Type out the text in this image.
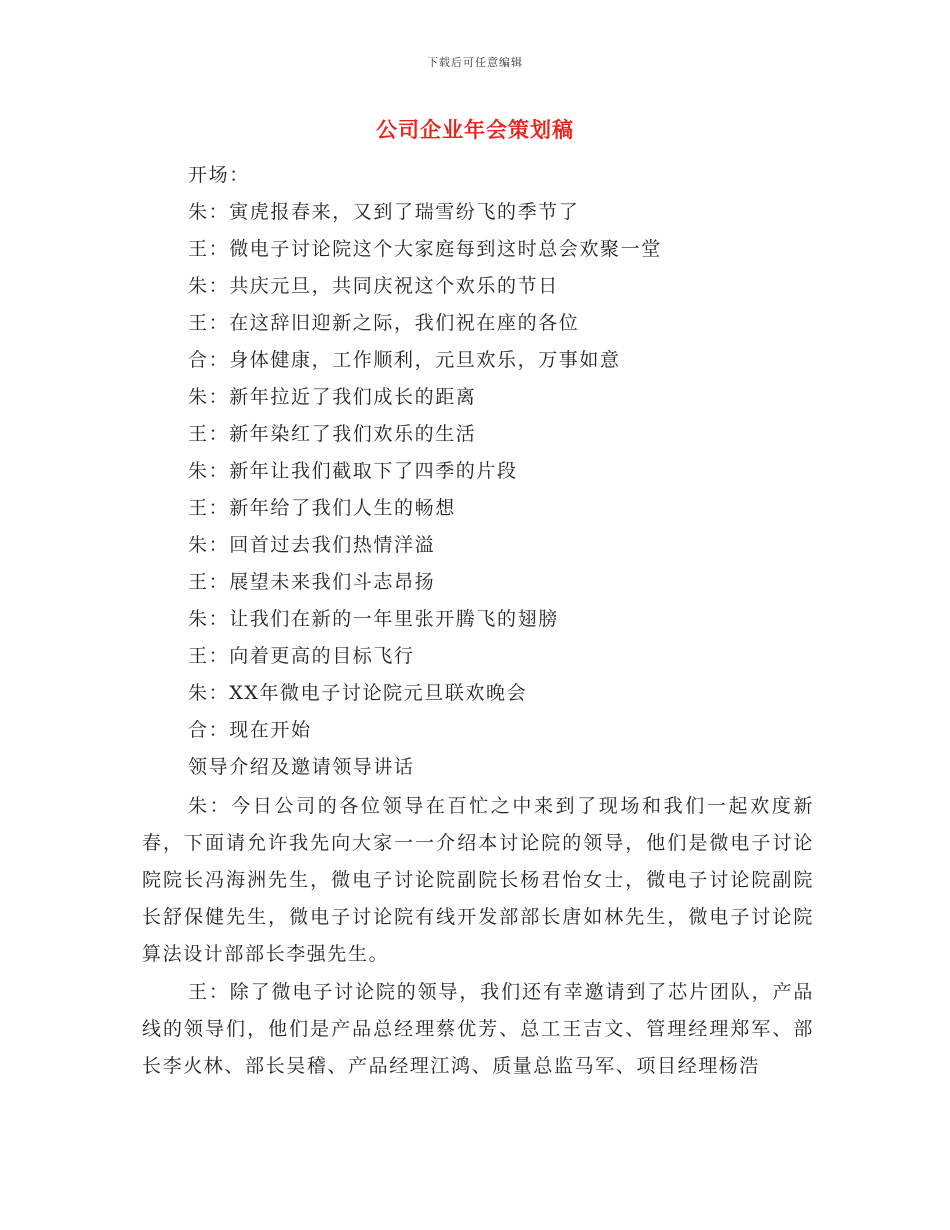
下载后可任意编辑
公司企业年会策划稿
开场：
朱：寅虎报春来，又到了瑞雪纷飞的季节了
王：微电子讨论院这个大家庭每到这时总会欢聚一堂
朱：共庆元旦，共同庆祝这个欢乐的节日
王：在这辞旧迎新之际，我们祝在座的各位
合：身体健康，工作顺利，元旦欢乐，万事如意
朱：新年拉近了我们成长的距离
王：新年染红了我们欢乐的生活
朱：新年让我们截取下了四季的片段
王：新年给了我们人生的畅想
朱：回首过去我们热情洋溢
王：展望未来我们斗志昂扬
朱：让我们在新的一年里张开腾飞的翅膀
王：向着更高的目标飞行
朱：XX年微电子讨论院元旦联欢晚会
合：现在开始
领导介绍及邀请领导讲话

朱：今日公司的各位领导在百忙之中来到了现场和我们一起欢度新春，下面请允许我先向大家一一介绍本讨论院的领导，他们是微电子讨论院院长冯海洲先生，微电子讨论院副院长杨君怡女士，微电子讨论院副院长舒保健先生，微电子讨论院有线开发部部长唐如林先生，微电子讨论院算法设计部部长李强先生。

王：除了微电子讨论院的领导，我们还有幸邀请到了芯片团队，产品线的领导们，他们是产品总经理蔡优芳、总工王吉文、管理经理郑军、部长李火林、部长吴稽、产品经理江鸿、质量总监马军、项目经理杨浩
